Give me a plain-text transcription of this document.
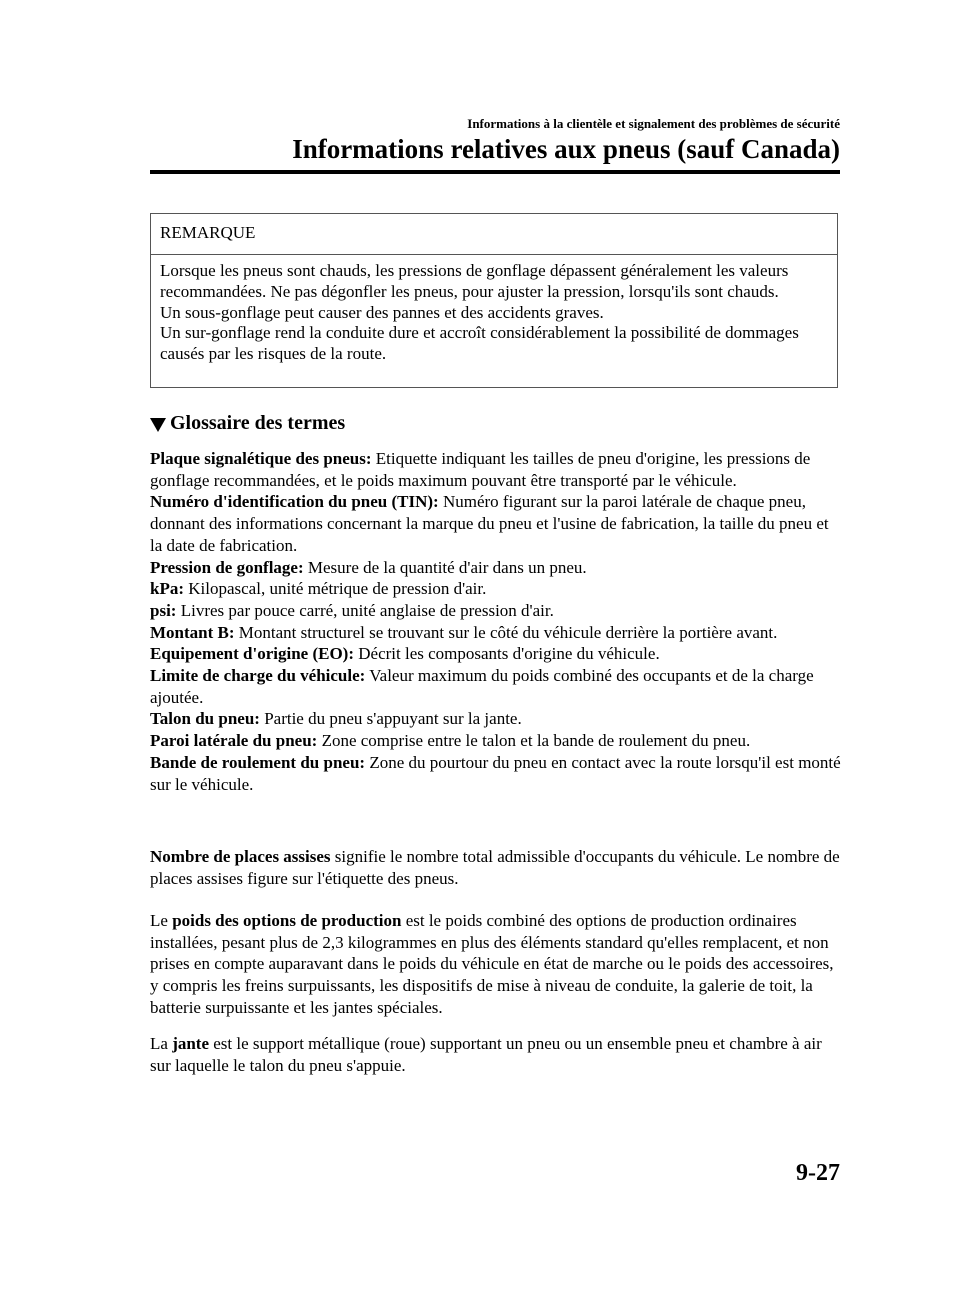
Informations à la clientèle et signalement des problèmes de sécurité
Informations relatives aux pneus (sauf Canada)
REMARQUE

Lorsque les pneus sont chauds, les pressions de gonflage dépassent généralement les valeurs recommandées. Ne pas dégonfler les pneus, pour ajuster la pression, lorsqu'ils sont chauds.

Un sous-gonflage peut causer des pannes et des accidents graves.

Un sur-gonflage rend la conduite dure et accroît considérablement la possibilité de dommages causés par les risques de la route.

Glossaire des termes

Plaque signalétique des pneus: Etiquette indiquant les tailles de pneu d'origine, les pressions de gonflage recommandées, et le poids maximum pouvant être transporté par le véhicule.

Numéro d'identification du pneu (TIN): Numéro figurant sur la paroi latérale de chaque pneu, donnant des informations concernant la marque du pneu et l'usine de fabrication, la taille du pneu et la date de fabrication.

Pression de gonflage: Mesure de la quantité d'air dans un pneu.

kPa: Kilopascal, unité métrique de pression d'air.

psi: Livres par pouce carré, unité anglaise de pression d'air.

Montant B: Montant structurel se trouvant sur le côté du véhicule derrière la portière avant.

Equipement d'origine (EO): Décrit les composants d'origine du véhicule.

Limite de charge du véhicule: Valeur maximum du poids combiné des occupants et de la charge ajoutée.

Talon du pneu: Partie du pneu s'appuyant sur la jante.

Paroi latérale du pneu: Zone comprise entre le talon et la bande de roulement du pneu.

Bande de roulement du pneu: Zone du pourtour du pneu en contact avec la route lorsqu'il est monté sur le véhicule.

Nombre de places assises signifie le nombre total admissible d'occupants du véhicule. Le nombre de places assises figure sur l'étiquette des pneus.

Le poids des options de production est le poids combiné des options de production ordinaires installées, pesant plus de 2,3 kilogrammes en plus des éléments standard qu'elles remplacent, et non prises en compte auparavant dans le poids du véhicule en état de marche ou le poids des accessoires, y compris les freins surpuissants, les dispositifs de mise à niveau de conduite, la galerie de toit, la batterie surpuissante et les jantes spéciales.

La jante est le support métallique (roue) supportant un pneu ou un ensemble pneu et chambre à air sur laquelle le talon du pneu s'appuie.

9-27
